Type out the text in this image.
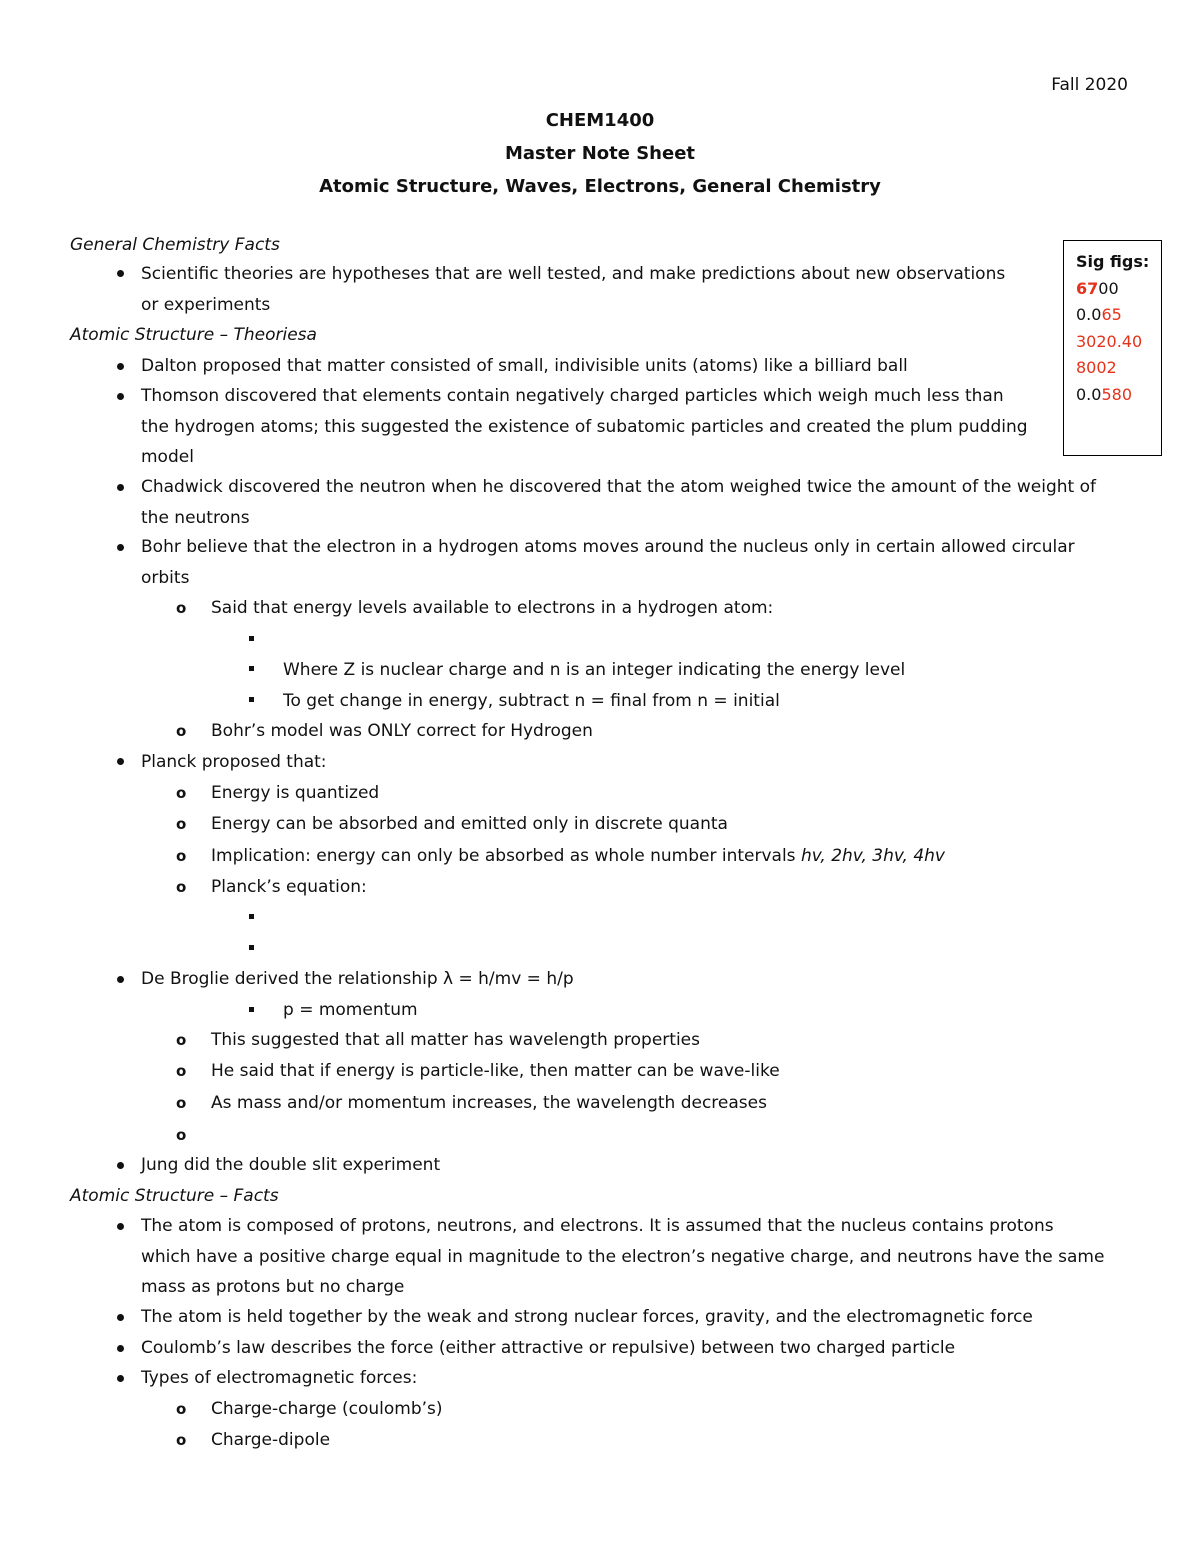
Fall 2020
CHEM1400
Master Note Sheet
Atomic Structure, Waves, Electrons, General Chemistry
Sig figs:
6700
0.065
3020.40
8002
0.0580
General Chemistry Facts
Scientific theories are hypotheses that are well tested, and make predictions about new observations
or experiments
Atomic Structure – Theoriesa
Dalton proposed that matter consisted of small, indivisible units (atoms) like a billiard ball
Thomson discovered that elements contain negatively charged particles which weigh much less than
the hydrogen atoms; this suggested the existence of subatomic particles and created the plum pudding
model
Chadwick discovered the neutron when he discovered that the atom weighed twice the amount of the weight of
the neutrons
Bohr believe that the electron in a hydrogen atoms moves around the nucleus only in certain allowed circular
orbits
o Said that energy levels available to electrons in a hydrogen atom:
Where Z is nuclear charge and n is an integer indicating the energy level
To get change in energy, subtract n = final from n = initial
o Bohr’s model was ONLY correct for Hydrogen
Planck proposed that:
o Energy is quantized
o Energy can be absorbed and emitted only in discrete quanta
o Implication: energy can only be absorbed as whole number intervals hv, 2hv, 3hv, 4hv
o Planck’s equation:
De Broglie derived the relationship λ = h/mv = h/p
p = momentum
o This suggested that all matter has wavelength properties
o He said that if energy is particle-like, then matter can be wave-like
o As mass and/or momentum increases, the wavelength decreases
o
Jung did the double slit experiment
Atomic Structure – Facts
The atom is composed of protons, neutrons, and electrons. It is assumed that the nucleus contains protons
which have a positive charge equal in magnitude to the electron’s negative charge, and neutrons have the same
mass as protons but no charge
The atom is held together by the weak and strong nuclear forces, gravity, and the electromagnetic force
Coulomb’s law describes the force (either attractive or repulsive) between two charged particle
Types of electromagnetic forces:
o Charge-charge (coulomb’s)
o Charge-dipole
